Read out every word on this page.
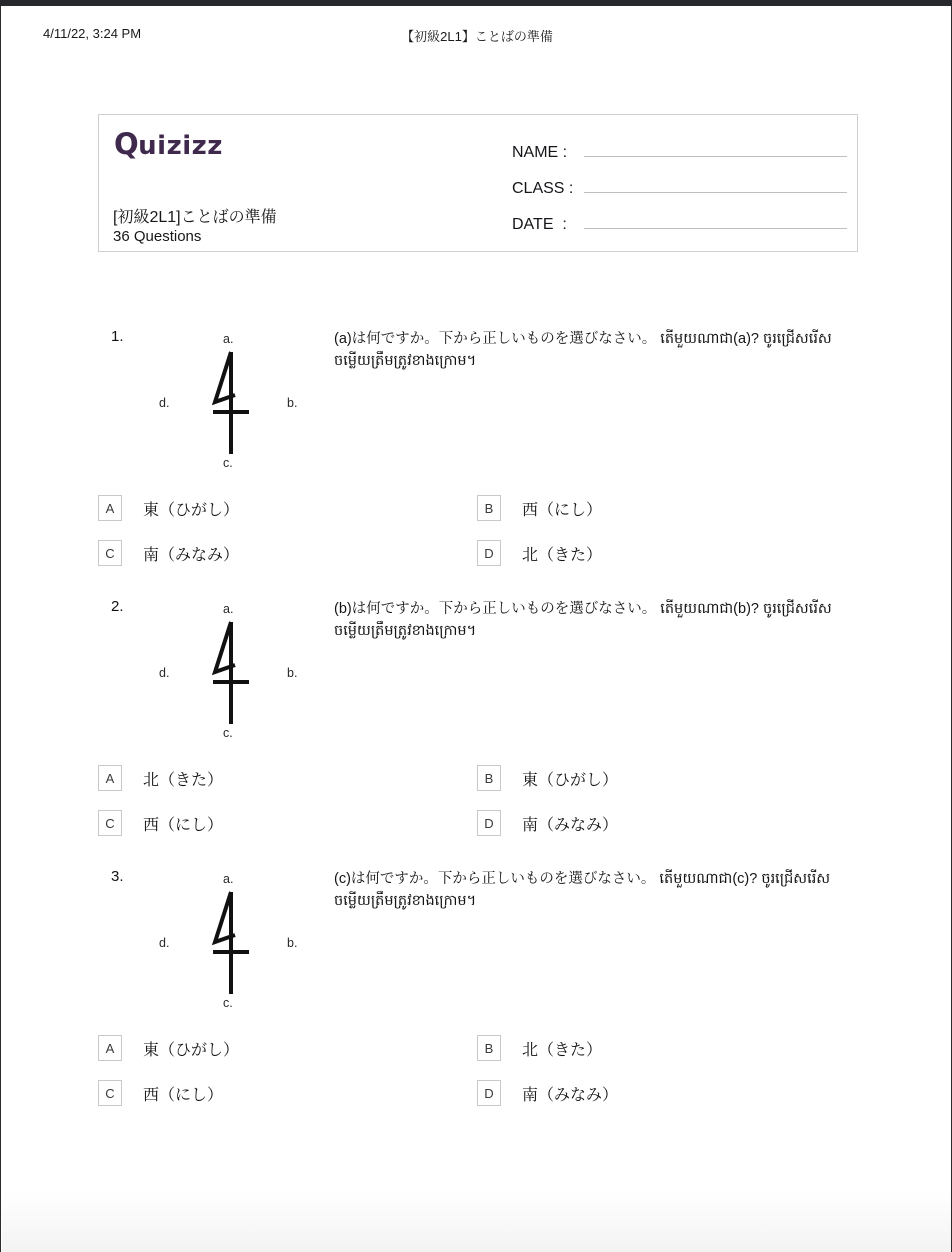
4/11/22, 3:24 PM	【初級2L1】ことばの準備
Quizizz
[初級2L1]ことばの準備
36 Questions
NAME :
CLASS :
DATE  :
1.	(a)は何ですか。下から正しいものを選びなさい。 តើមួយណាជា(a)? ចូរជ្រើសរើសចម្លើយត្រឹមត្រូវខាងក្រោម។
a.
b.
c.
d.
A	東（ひがし）	B	西（にし）
C	南（みなみ）	D	北（きた）
2.	(b)は何ですか。下から正しいものを選びなさい。 តើមួយណាជា(b)? ចូរជ្រើសរើសចម្លើយត្រឹមត្រូវខាងក្រោម។
a.
b.
c.
d.
A	北（きた）	B	東（ひがし）
C	西（にし）	D	南（みなみ）
3.	(c)は何ですか。下から正しいものを選びなさい。 តើមួយណាជា(c)? ចូរជ្រើសរើសចម្លើយត្រឹមត្រូវខាងក្រោម។
a.
b.
c.
d.
A	東（ひがし）	B	北（きた）
C	西（にし）	D	南（みなみ）
